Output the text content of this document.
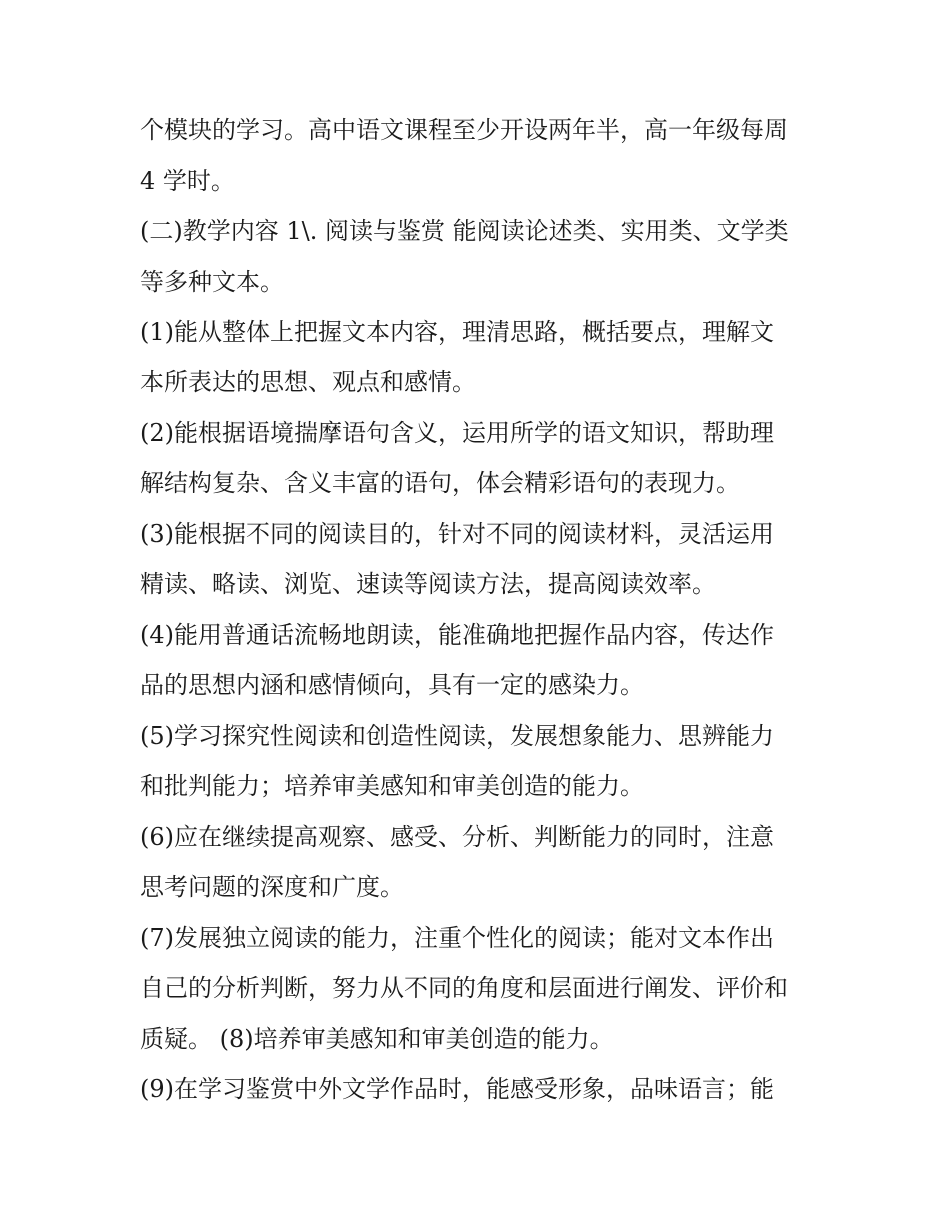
个模块的学习。高中语文课程至少开设两年半，高一年级每周
4 学时。
(二)教学内容 1\. 阅读与鉴赏 能阅读论述类、实用类、文学类
等多种文本。
(1)能从整体上把握文本内容，理清思路，概括要点，理解文
本所表达的思想、观点和感情。
(2)能根据语境揣摩语句含义，运用所学的语文知识，帮助理
解结构复杂、含义丰富的语句，体会精彩语句的表现力。
(3)能根据不同的阅读目的，针对不同的阅读材料，灵活运用
精读、略读、浏览、速读等阅读方法，提高阅读效率。
(4)能用普通话流畅地朗读，能准确地把握作品内容，传达作
品的思想内涵和感情倾向，具有一定的感染力。
(5)学习探究性阅读和创造性阅读，发展想象能力、思辨能力
和批判能力；培养审美感知和审美创造的能力。
(6)应在继续提高观察、感受、分析、判断能力的同时，注意
思考问题的深度和广度。
(7)发展独立阅读的能力，注重个性化的阅读；能对文本作出
自己的分析判断，努力从不同的角度和层面进行阐发、评价和
质疑。 (8)培养审美感知和审美创造的能力。
(9)在学习鉴赏中外文学作品时，能感受形象，品味语言；能
